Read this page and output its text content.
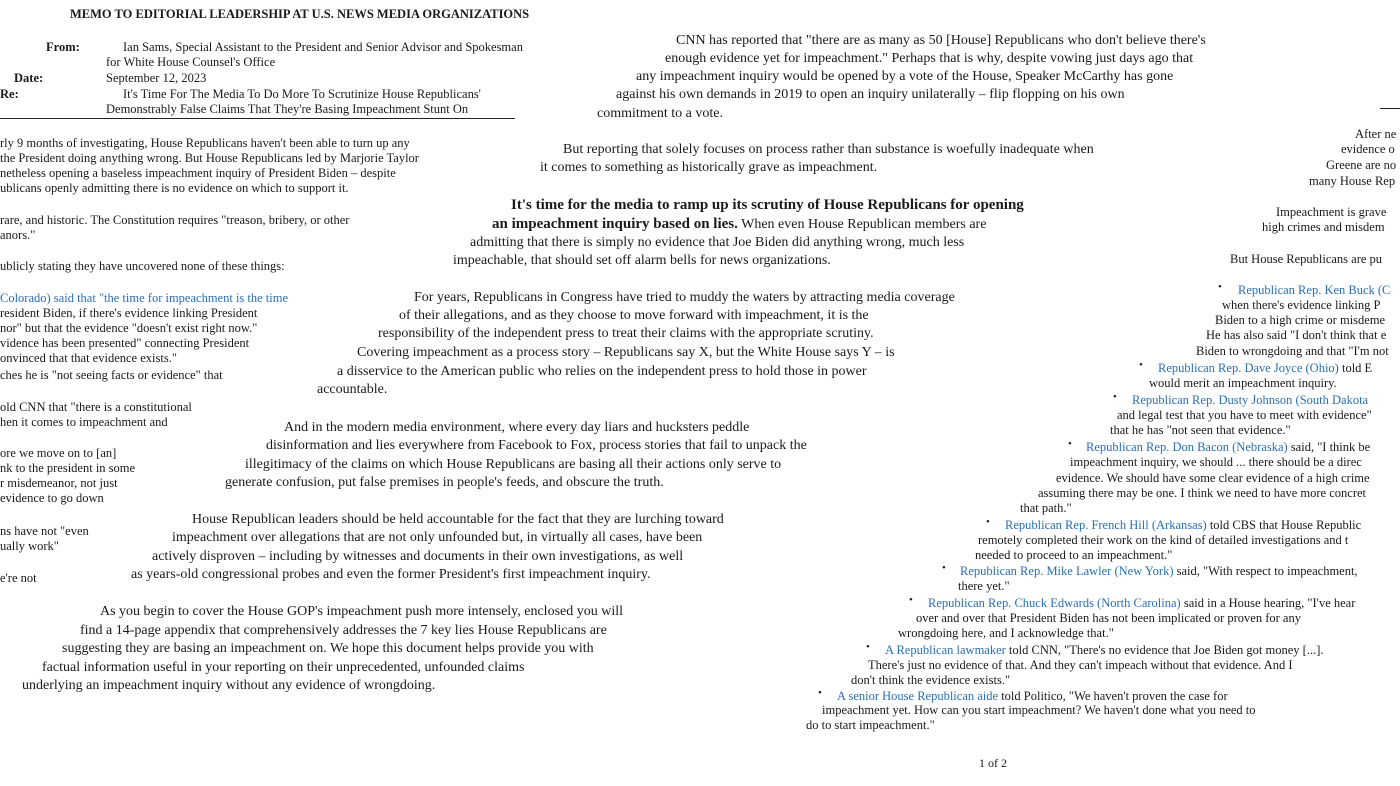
MEMO TO EDITORIAL LEADERSHIP AT U.S. NEWS MEDIA ORGANIZATIONS
From:	Ian Sams, Special Assistant to the President and Senior Advisor and Spokesman
for White House Counsel's Office
Date:	September 12, 2023
Re:	It's Time For The Media To Do More To Scrutinize House Republicans'
Demonstrably False Claims That They're Basing Impeachment Stunt On
rly 9 months of investigating, House Republicans haven't been able to turn up any
the President doing anything wrong. But House Republicans led by Marjorie Taylor
netheless opening a baseless impeachment inquiry of President Biden – despite
ublicans openly admitting there is no evidence on which to support it.
rare, and historic. The Constitution requires "treason, bribery, or other
anors."
ublicly stating they have uncovered none of these things:
Colorado) said that "the time for impeachment is the time
resident Biden, if there's evidence linking President
nor" but that the evidence "doesn't exist right now."
vidence has been presented" connecting President
onvinced that that evidence exists."
ches he is "not seeing facts or evidence" that
old CNN that "there is a constitutional
hen it comes to impeachment and
ore we move on to [an]
nk to the president in some
r misdemeanor, not just
evidence to go down
ns have not "even
ually work"
e're not
CNN has reported that "there are as many as 50 [House] Republicans who don't believe there's
enough evidence yet for impeachment." Perhaps that is why, despite vowing just days ago that
any impeachment inquiry would be opened by a vote of the House, Speaker McCarthy has gone
against his own demands in 2019 to open an inquiry unilaterally – flip flopping on his own
commitment to a vote.
But reporting that solely focuses on process rather than substance is woefully inadequate when
it comes to something as historically grave as impeachment.
It's time for the media to ramp up its scrutiny of House Republicans for opening
an impeachment inquiry based on lies. When even House Republican members are
admitting that there is simply no evidence that Joe Biden did anything wrong, much less
impeachable, that should set off alarm bells for news organizations.
For years, Republicans in Congress have tried to muddy the waters by attracting media coverage
of their allegations, and as they choose to move forward with impeachment, it is the
responsibility of the independent press to treat their claims with the appropriate scrutiny.
Covering impeachment as a process story – Republicans say X, but the White House says Y – is
a disservice to the American public who relies on the independent press to hold those in power
accountable.
And in the modern media environment, where every day liars and hucksters peddle
disinformation and lies everywhere from Facebook to Fox, process stories that fail to unpack the
illegitimacy of the claims on which House Republicans are basing all their actions only serve to
generate confusion, put false premises in people's feeds, and obscure the truth.
House Republican leaders should be held accountable for the fact that they are lurching toward
impeachment over allegations that are not only unfounded but, in virtually all cases, have been
actively disproven – including by witnesses and documents in their own investigations, as well
as years-old congressional probes and even the former President's first impeachment inquiry.
As you begin to cover the House GOP's impeachment push more intensely, enclosed you will
find a 14-page appendix that comprehensively addresses the 7 key lies House Republicans are
suggesting they are basing an impeachment on. We hope this document helps provide you with
factual information useful in your reporting on their unprecedented, unfounded claims
underlying an impeachment inquiry without any evidence of wrongdoing.
After ne
evidence o
Greene are no
many House Rep
Impeachment is grave
high crimes and misdem
But House Republicans are pu
• Republican Rep. Ken Buck (C
when there's evidence linking P
Biden to a high crime or misdeme
He has also said "I don't think that e
Biden to wrongdoing and that "I'm not
• Republican Rep. Dave Joyce (Ohio) told E
would merit an impeachment inquiry.
• Republican Rep. Dusty Johnson (South Dakota
and legal test that you have to meet with evidence"
that he has "not seen that evidence."
• Republican Rep. Don Bacon (Nebraska) said, "I think be
impeachment inquiry, we should ... there should be a direc
evidence. We should have some clear evidence of a high crime
assuming there may be one. I think we need to have more concret
that path."
• Republican Rep. French Hill (Arkansas) told CBS that House Republic
remotely completed their work on the kind of detailed investigations and t
needed to proceed to an impeachment."
• Republican Rep. Mike Lawler (New York) said, "With respect to impeachment,
there yet."
• Republican Rep. Chuck Edwards (North Carolina) said in a House hearing, "I've hear
over and over that President Biden has not been implicated or proven for any
wrongdoing here, and I acknowledge that."
• A Republican lawmaker told CNN, "There's no evidence that Joe Biden got money [...].
There's just no evidence of that. And they can't impeach without that evidence. And I
don't think the evidence exists."
• A senior House Republican aide told Politico, "We haven't proven the case for
impeachment yet. How can you start impeachment? We haven't done what you need to
do to start impeachment."
1 of 2
